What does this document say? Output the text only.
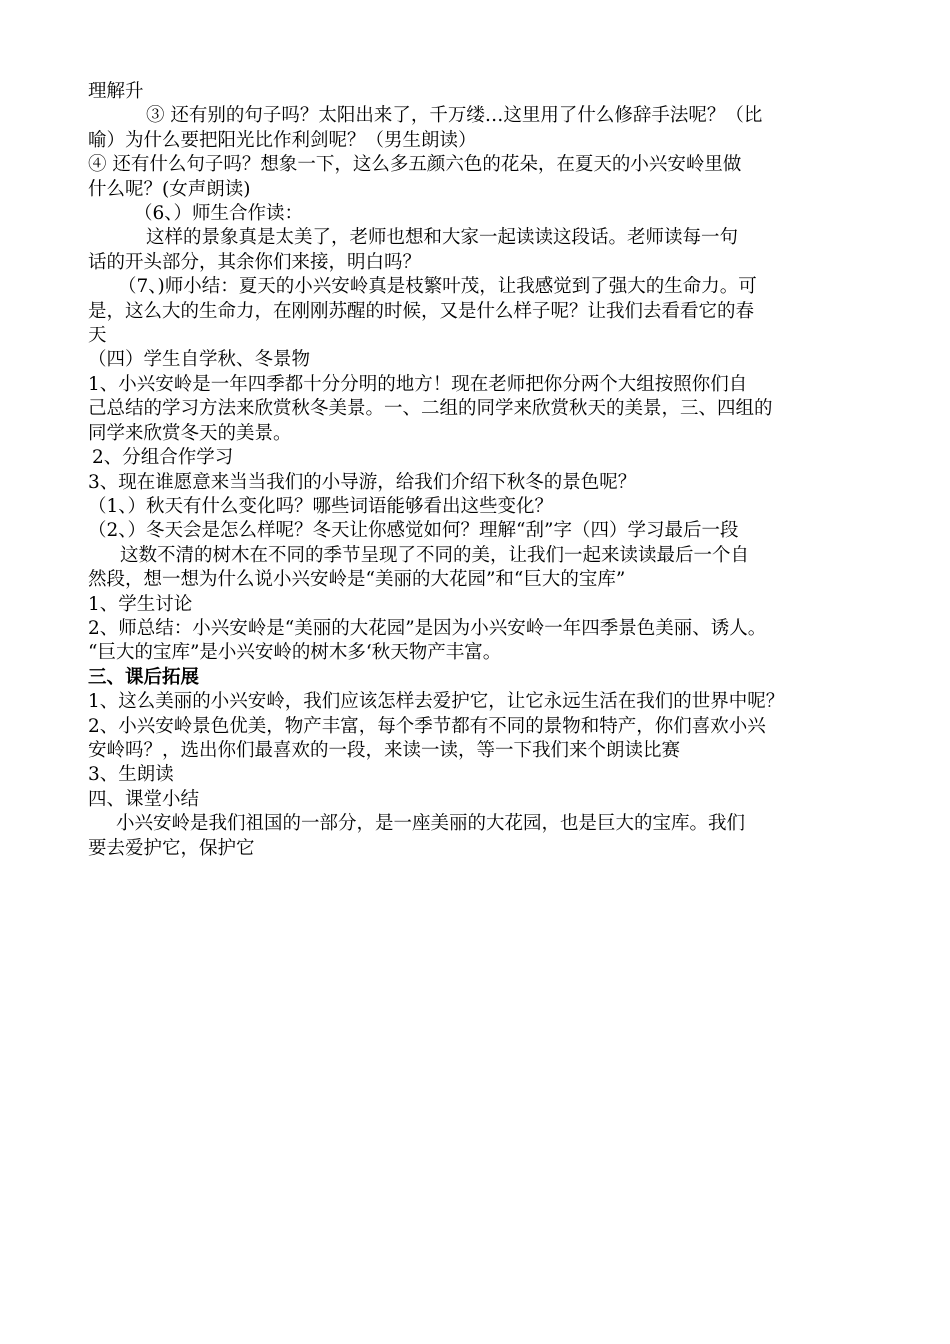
理解升

③ 还有别的句子吗？太阳出来了，千万缕…这里用了什么修辞手法呢？（比

喻）为什么要把阳光比作利剑呢？（男生朗读）

④ 还有什么句子吗？想象一下，这么多五颜六色的花朵，在夏天的小兴安岭里做

什么呢？(女声朗读)

（6、）师生合作读：

这样的景象真是太美了，老师也想和大家一起读读这段话。老师读每一句

话的开头部分，其余你们来接，明白吗？

（7、)师小结：夏天的小兴安岭真是枝繁叶茂，让我感觉到了强大的生命力。可

是，这么大的生命力，在刚刚苏醒的时候，又是什么样子呢？让我们去看看它的春

天

（四）学生自学秋、冬景物

1、小兴安岭是一年四季都十分分明的地方！现在老师把你分两个大组按照你们自

己总结的学习方法来欣赏秋冬美景。一、二组的同学来欣赏秋天的美景，三、四组的

同学来欣赏冬天的美景。

2、分组合作学习

3、现在谁愿意来当当我们的小导游，给我们介绍下秋冬的景色呢？

（1、）秋天有什么变化吗？哪些词语能够看出这些变化？

（2、）冬天会是怎么样呢？冬天让你感觉如何？理解“刮”字（四）学习最后一段

这数不清的树木在不同的季节呈现了不同的美，让我们一起来读读最后一个自

然段，想一想为什么说小兴安岭是“美丽的大花园”和“巨大的宝库”

1、学生讨论

2、师总结：小兴安岭是“美丽的大花园”是因为小兴安岭一年四季景色美丽、诱人。

“巨大的宝库”是小兴安岭的树木多‘秋天物产丰富。

三、课后拓展

1、这么美丽的小兴安岭，我们应该怎样去爱护它，让它永远生活在我们的世界中呢？

2、小兴安岭景色优美，物产丰富，每个季节都有不同的景物和特产，你们喜欢小兴

安岭吗？，选出你们最喜欢的一段，来读一读，等一下我们来个朗读比赛

3、生朗读

四、课堂小结

小兴安岭是我们祖国的一部分，是一座美丽的大花园，也是巨大的宝库。我们

要去爱护它，保护它
